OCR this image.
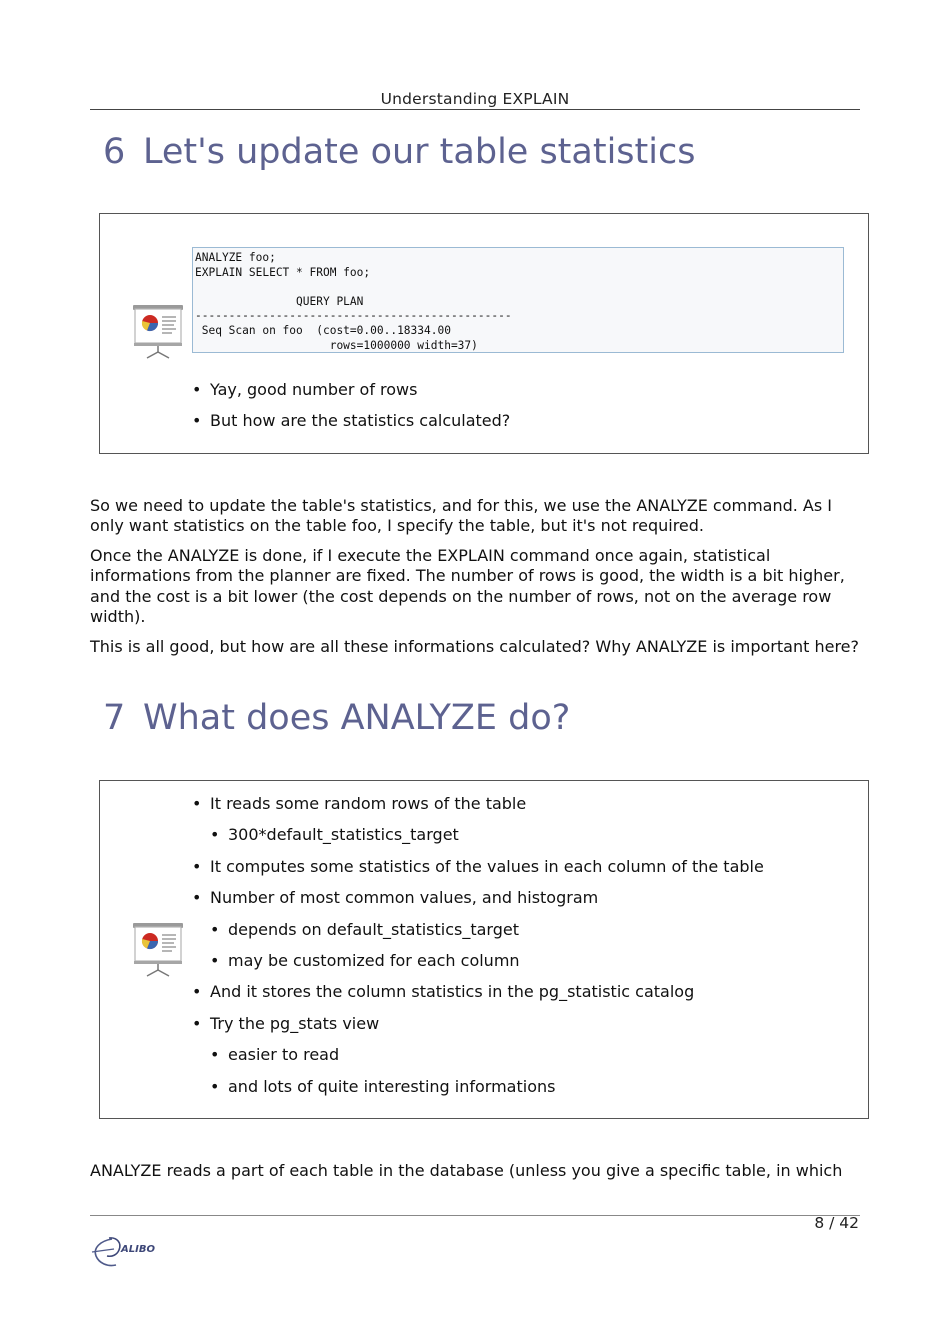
Understanding EXPLAIN
6 Let's update our table statistics
ANALYZE foo;
EXPLAIN SELECT * FROM foo;

QUERY PLAN
-----------------------------------------------
Seq Scan on foo  (cost=0.00..18334.00
rows=1000000 width=37)
• Yay, good number of rows
• But how are the statistics calculated?

So we need to update the table's statistics, and for this, we use the ANALYZE command. As I only want statistics on the table foo, I specify the table, but it's not required.

Once the ANALYZE is done, if I execute the EXPLAIN command once again, statistical informations from the planner are fixed. The number of rows is good, the width is a bit higher, and the cost is a bit lower (the cost depends on the number of rows, not on the average row width).

This is all good, but how are all these informations calculated? Why ANALYZE is important here?

7 What does ANALYZE do?
• It reads some random rows of the table
• 300*default_statistics_target
• It computes some statistics of the values in each column of the table
• Number of most common values, and histogram
• depends on default_statistics_target
• may be customized for each column
• And it stores the column statistics in the pg_statistic catalog
• Try the pg_stats view
• easier to read
• and lots of quite interesting informations

ANALYZE reads a part of each table in the database (unless you give a specific table, in which

8 / 42
ALIBO
